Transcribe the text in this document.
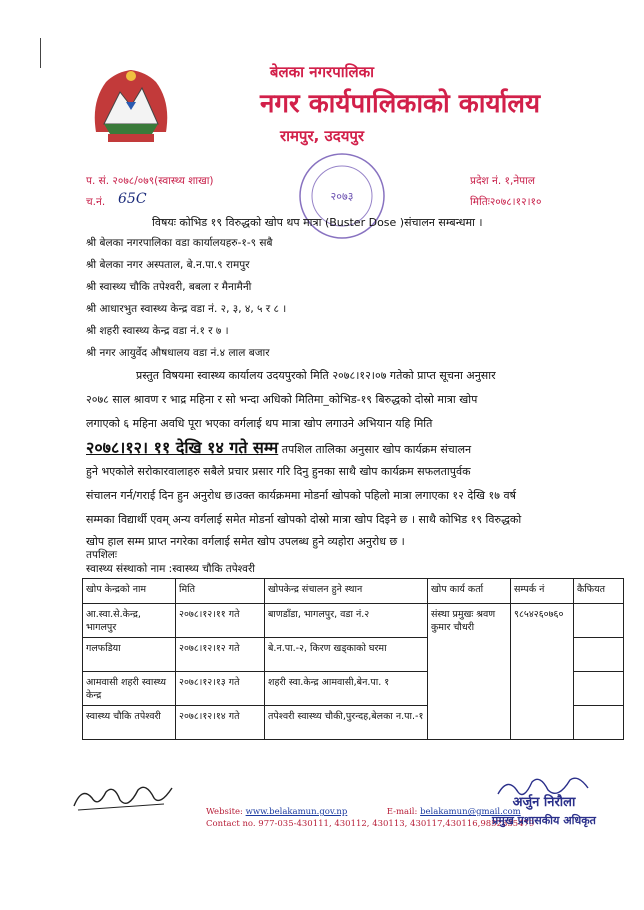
बेलका नगरपालिका
नगर कार्यपालिकाको कार्यालय
रामपुर, उदयपुर
२०७३
प. सं. २०७८/०७९(स्वास्थ्य शाखा)
च.नं. 65C
प्रदेश नं. १,नेपाल
मितिः२०७८।१२।१०
विषयः कोभिड १९ विरुद्धको खोप थप मात्रा (Buster Dose )संचालन सम्बन्धमा ।
श्री बेलका नगरपालिका वडा कार्यालयहरु-१-९ सबै
श्री बेलका नगर अस्पताल, बे.न.पा.९ रामपुर
श्री स्वास्थ्य चौकि तपेश्वरी, बबला र मैनामैनी
श्री आधारभुत स्वास्थ्य केन्द्र वडा नं. २, ३, ४, ५ र ८ ।
श्री शहरी स्वास्थ्य केन्द्र वडा नं.१ र ७ ।
श्री नगर आयुर्वेद औषधालय वडा नं.४ लाल बजार
प्रस्तुत विषयमा स्वास्थ्य कार्यालय उदयपुरको मिति २०७८।१२।०७ गतेको प्राप्त सूचना अनुसार
२०७८ साल श्रावण र भाद्र महिना र सो भन्दा अधिको मितिमा_कोभिड-१९ बिरुद्धको दोस्रो मात्रा खोप
लगाएको ६ महिना अवधि पूरा भएका वर्गलाई थप मात्रा खोप लगाउने अभियान यहि मिति
२०७८।१२। ११ देखि १४ गते सम्म तपशिल तालिका अनुसार खोप कार्यक्रम संचालन
हुने भएकोले सरोकारवालाहरु सबैले प्रचार प्रसार गरि दिनु हुनका साथै खोप कार्यक्रम सफलतापुर्वक
संचालन गर्न/गराई दिन हुन अनुरोध छ।उक्त कार्यक्रममा मोडर्ना खोपको पहिलो मात्रा लगाएका १२ देखि १७ वर्ष
सम्मका विद्यार्थी एवम् अन्य वर्गलाई समेत मोडर्ना खोपको दोस्रो मात्रा खोप दिइने छ । साथै कोभिड १९ विरुद्धको
खोप हाल सम्म प्राप्त नगरेका वर्गलाई समेत खोप उपलब्ध हुने व्यहोरा अनुरोध छ ।
तपशिलः
स्वास्थ्य संस्थाको नाम :स्वास्थ्य चौकि तपेश्वरी
खोप केन्द्रको नाम	मिति	खोपकेन्द्र संचालन हुने स्थान	खोप कार्य कर्ता	सम्पर्क नं	कैफियत
आ.स्वा.से.केन्द्र, भागलपुर	२०७८।१२।११ गते	बाणडाँडा, भागलपुर, वडा नं.२	संस्था प्रमुखः श्रवण कुमार चौधरी	९८५४२६०७६०	
गलफडिया	२०७८।१२।१२ गते	बे.न.पा.-२, किरण खड्काको घरमा			
आमवासी शहरी स्वास्थ्य केन्द्र	२०७८।१२।१३ गते	शहरी स्वा.केन्द्र आमवासी,बेन.पा. १			
स्वास्थ्य चौकि तपेश्वरी	२०७८।१२।१४ गते	तपेश्वरी स्वास्थ्य चौकी,पुरन्दह,बेलका न.पा.-१			
Website: www.belakamun.gov.np	E-mail: belakamun@gmail.com
Contact no. 977-035-430111, 430112, 430113, 430117,430116,9852835479
अर्जुन निरौला
प्रमुख प्रशासकीय अधिकृत
